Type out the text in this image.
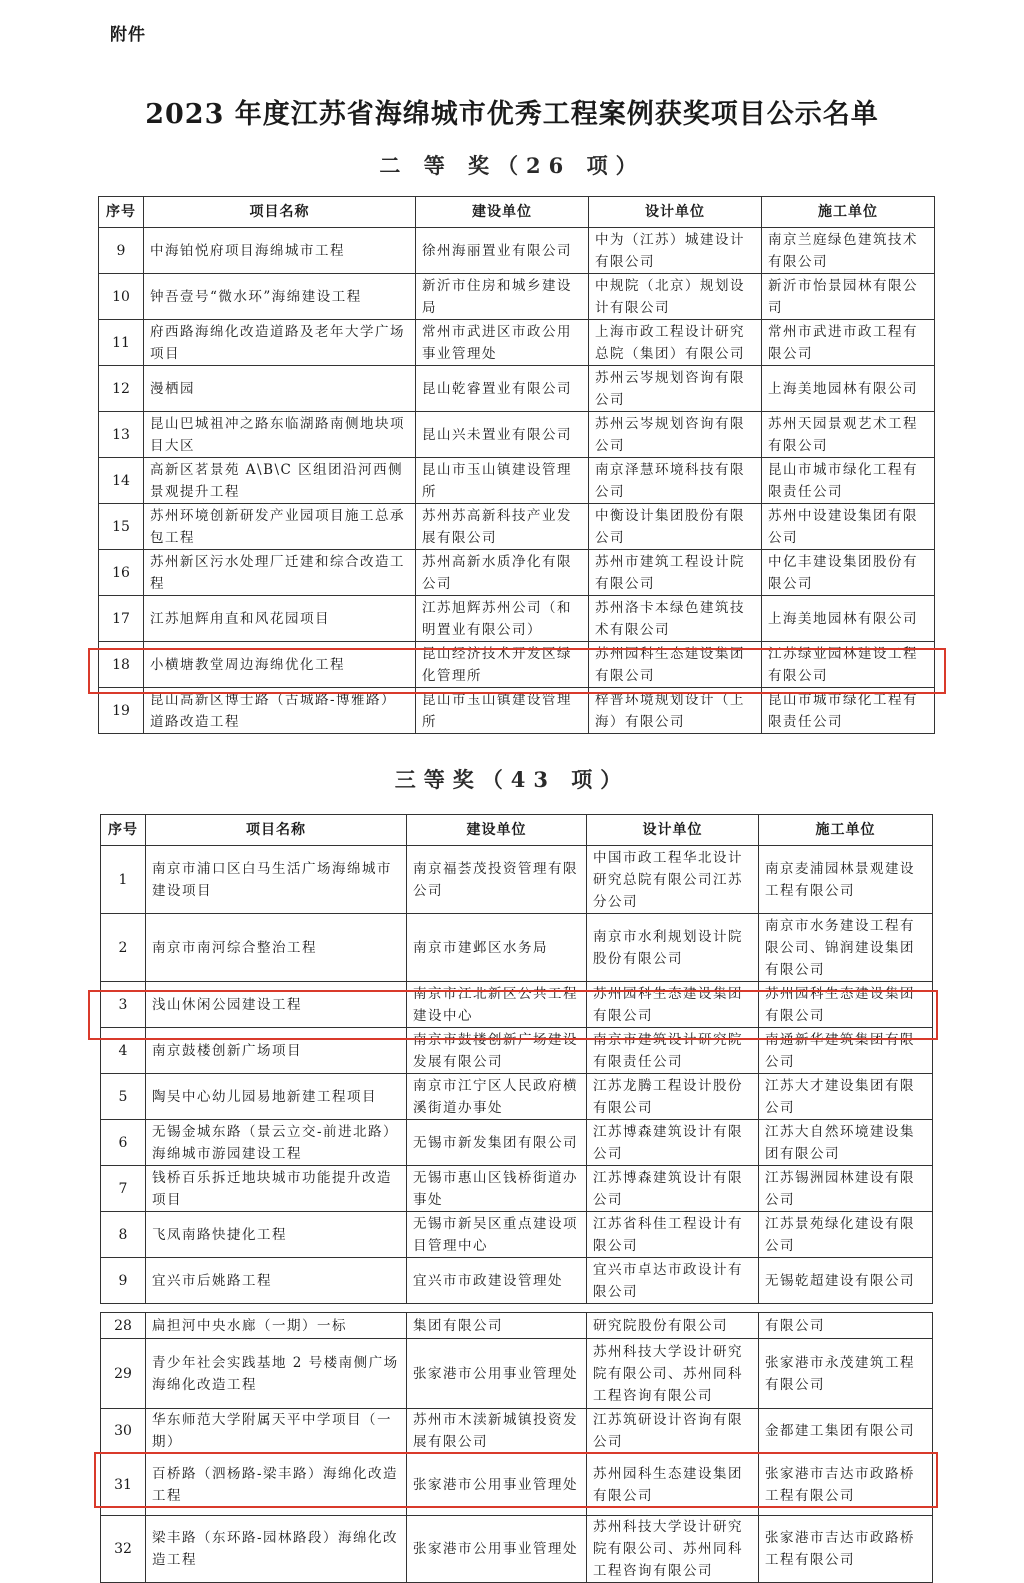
附件
2023 年度江苏省海绵城市优秀工程案例获奖项目公示名单
二 等 奖（26 项）
序号	项目名称	建设单位	设计单位	施工单位
9	中海铂悦府项目海绵城市工程	徐州海丽置业有限公司	中为（江苏）城建设计有限公司	南京兰庭绿色建筑技术有限公司
10	钟吾壹号“微水环”海绵建设工程	新沂市住房和城乡建设局	中规院（北京）规划设计有限公司	新沂市怡景园林有限公司
11	府西路海绵化改造道路及老年大学广场项目	常州市武进区市政公用事业管理处	上海市政工程设计研究总院（集团）有限公司	常州市武进市政工程有限公司
12	漫栖园	昆山乾睿置业有限公司	苏州云岑规划咨询有限公司	上海美地园林有限公司
13	昆山巴城祖冲之路东临湖路南侧地块项目大区	昆山兴未置业有限公司	苏州云岑规划咨询有限公司	苏州天园景观艺术工程有限公司
14	高新区茗景苑 A\B\C 区组团沿河西侧景观提升工程	昆山市玉山镇建设管理所	南京泽慧环境科技有限公司	昆山市城市绿化工程有限责任公司
15	苏州环境创新研发产业园项目施工总承包工程	苏州苏高新科技产业发展有限公司	中衡设计集团股份有限公司	苏州中设建设集团有限公司
16	苏州新区污水处理厂迁建和综合改造工程	苏州高新水质净化有限公司	苏州市建筑工程设计院有限公司	中亿丰建设集团股份有限公司
17	江苏旭辉甪直和风花园项目	江苏旭辉苏州公司（和明置业有限公司）	苏州洛卡本绿色建筑技术有限公司	上海美地园林有限公司
18	小横塘教堂周边海绵优化工程	昆山经济技术开发区绿化管理所	苏州园科生态建设集团有限公司	江苏绿业园林建设工程有限公司
19	昆山高新区博士路（古城路-博雅路）道路改造工程	昆山市玉山镇建设管理所	梓普环境规划设计（上海）有限公司	昆山市城市绿化工程有限责任公司
三等奖（43 项）
序号	项目名称	建设单位	设计单位	施工单位
1	南京市浦口区白马生活广场海绵城市建设项目	南京福荟茂投资管理有限公司	中国市政工程华北设计研究总院有限公司江苏分公司	南京麦浦园林景观建设工程有限公司
2	南京市南河综合整治工程	南京市建邺区水务局	南京市水利规划设计院股份有限公司	南京市水务建设工程有限公司、锦润建设集团有限公司
3	浅山休闲公园建设工程	南京市江北新区公共工程建设中心	苏州园科生态建设集团有限公司	苏州园科生态建设集团有限公司
4	南京鼓楼创新广场项目	南京市鼓楼创新广场建设发展有限公司	南京市建筑设计研究院有限责任公司	南通新华建筑集团有限公司
5	陶吴中心幼儿园易地新建工程项目	南京市江宁区人民政府横溪街道办事处	江苏龙腾工程设计股份有限公司	江苏大才建设集团有限公司
6	无锡金城东路（景云立交-前进北路）海绵城市游园建设工程	无锡市新发集团有限公司	江苏博森建筑设计有限公司	江苏大自然环境建设集团有限公司
7	钱桥百乐拆迁地块城市功能提升改造项目	无锡市惠山区钱桥街道办事处	江苏博森建筑设计有限公司	江苏锡洲园林建设有限公司
8	飞凤南路快捷化工程	无锡市新吴区重点建设项目管理中心	江苏省科佳工程设计有限公司	江苏景苑绿化建设有限公司
9	宜兴市后姚路工程	宜兴市市政建设管理处	宜兴市卓达市政设计有限公司	无锡乾超建设有限公司
28	扁担河中央水廊（一期）一标	集团有限公司	研究院股份有限公司	有限公司
29	青少年社会实践基地 2 号楼南侧广场海绵化改造工程	张家港市公用事业管理处	苏州科技大学设计研究院有限公司、苏州同科工程咨询有限公司	张家港市永茂建筑工程有限公司
30	华东师范大学附属天平中学项目（一期）	苏州市木渎新城镇投资发展有限公司	江苏筑研设计咨询有限公司	金都建工集团有限公司
31	百桥路（泗杨路-梁丰路）海绵化改造工程	张家港市公用事业管理处	苏州园科生态建设集团有限公司	张家港市吉达市政路桥工程有限公司
32	梁丰路（东环路-园林路段）海绵化改造工程	张家港市公用事业管理处	苏州科技大学设计研究院有限公司、苏州同科工程咨询有限公司	张家港市吉达市政路桥工程有限公司
